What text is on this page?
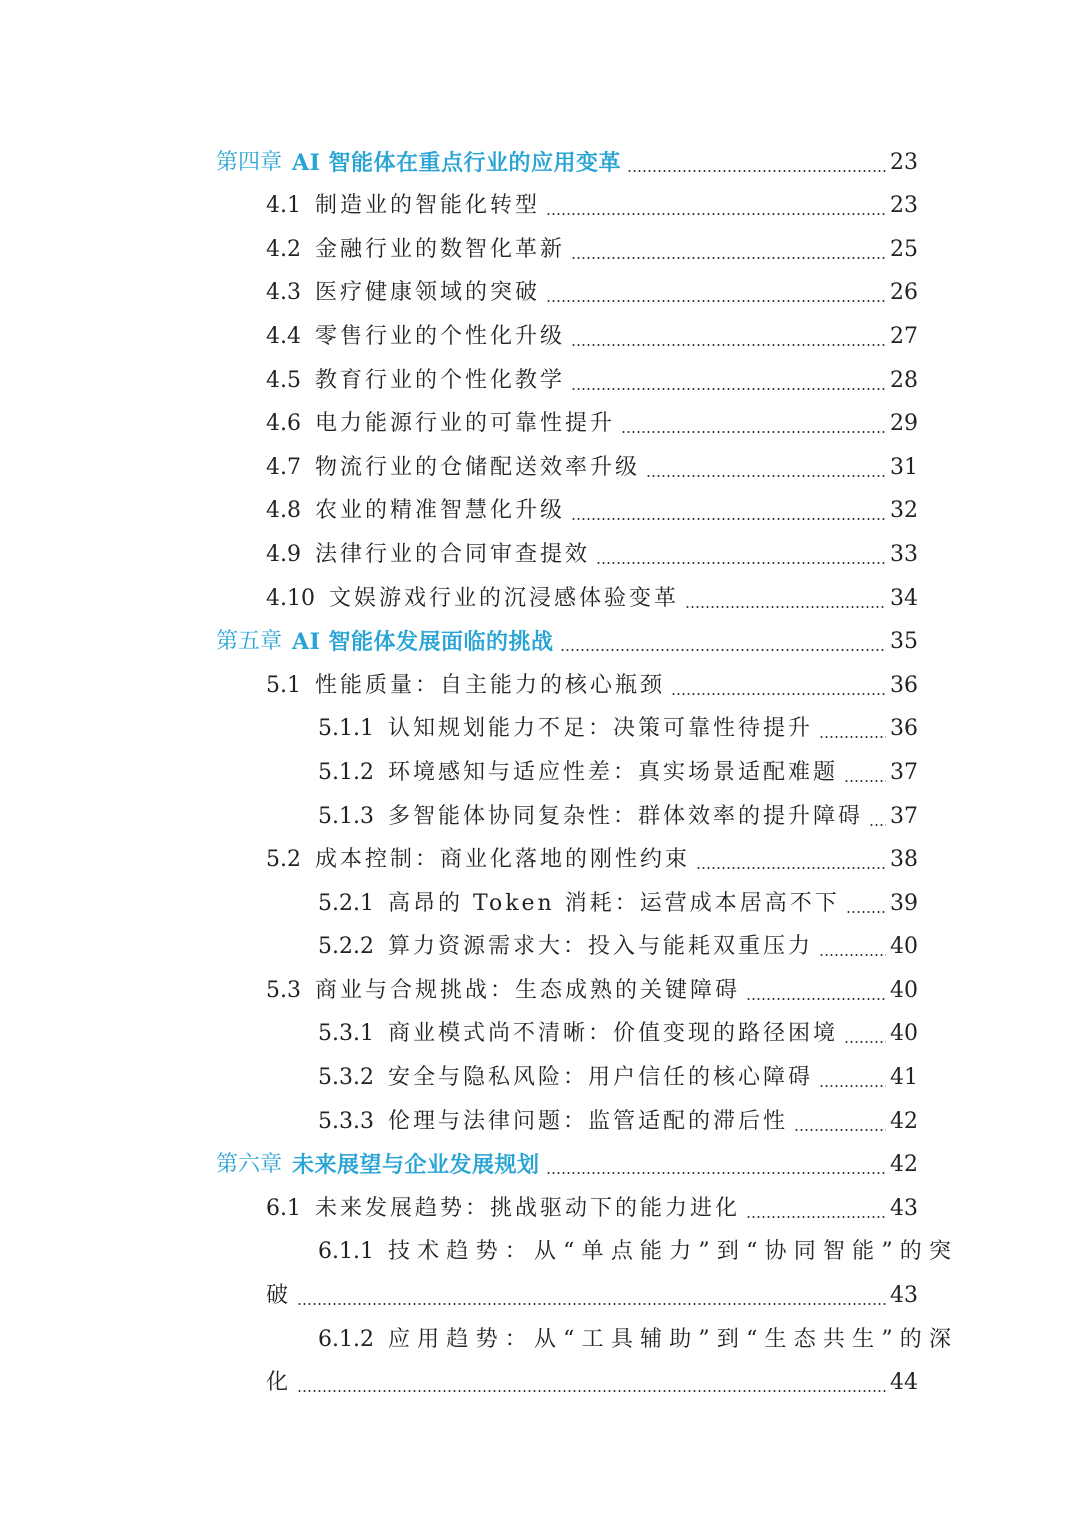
第四章 AI 智能体在重点行业的应用变革	23
4.1 制造业的智能化转型	23
4.2 金融行业的数智化革新	25
4.3 医疗健康领域的突破	26
4.4 零售行业的个性化升级	27
4.5 教育行业的个性化教学	28
4.6 电力能源行业的可靠性提升	29
4.7 物流行业的仓储配送效率升级	31
4.8 农业的精准智慧化升级	32
4.9 法律行业的合同审查提效	33
4.10 文娱游戏行业的沉浸感体验变革	34
第五章 AI 智能体发展面临的挑战	35
5.1 性能质量：自主能力的核心瓶颈	36
5.1.1 认知规划能力不足：决策可靠性待提升	36
5.1.2 环境感知与适应性差：真实场景适配难题 37
5.1.3 多智能体协同复杂性：群体效率的提升障碍 37
5.2 成本控制：商业化落地的刚性约束	38
5.2.1 高昂的 Token 消耗：运营成本居高不下 39
5.2.2 算力资源需求大：投入与能耗双重压力	40
5.3 商业与合规挑战：生态成熟的关键障碍	40
5.3.1 商业模式尚不清晰：价值变现的路径困境 40
5.3.2 安全与隐私风险：用户信任的核心障碍	41
5.3.3 伦理与法律问题：监管适配的滞后性	42
第六章 未来展望与企业发展规划	42
6.1 未来发展趋势：挑战驱动下的能力进化	43
6.1.1 技术趋势：从“单点能力”到“协同智能”的突
破	43
6.1.2 应用趋势：从“工具辅助”到“生态共生”的深
化	44
